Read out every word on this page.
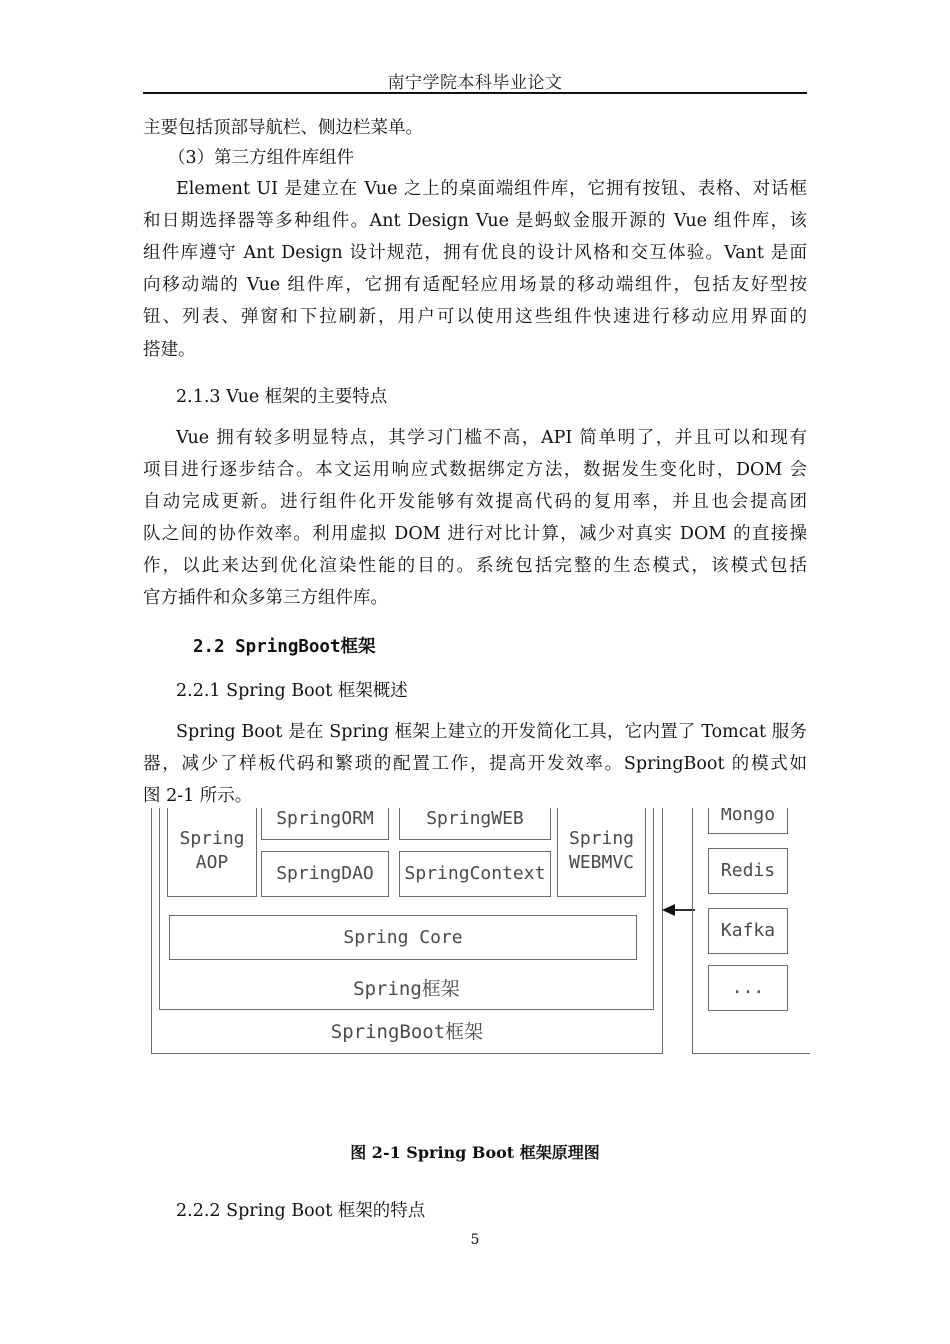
南宁学院本科毕业论文
主要包括顶部导航栏、侧边栏菜单。
（3）第三方组件库组件
Element UI 是建立在 Vue 之上的桌面端组件库，它拥有按钮、表格、对话框
和日期选择器等多种组件。Ant Design Vue 是蚂蚁金服开源的 Vue 组件库，该
组件库遵守 Ant Design 设计规范，拥有优良的设计风格和交互体验。Vant 是面
向移动端的 Vue 组件库，它拥有适配轻应用场景的移动端组件，包括友好型按
钮、列表、弹窗和下拉刷新，用户可以使用这些组件快速进行移动应用界面的
搭建。
2.1.3 Vue 框架的主要特点
Vue 拥有较多明显特点，其学习门槛不高，API 简单明了，并且可以和现有
项目进行逐步结合。本文运用响应式数据绑定方法，数据发生变化时，DOM 会
自动完成更新。进行组件化开发能够有效提高代码的复用率，并且也会提高团
队之间的协作效率。利用虚拟 DOM 进行对比计算，减少对真实 DOM 的直接操
作，以此来达到优化渲染性能的目的。系统包括完整的生态模式，该模式包括
官方插件和众多第三方组件库。
2.2 SpringBoot框架
2.2.1 Spring Boot 框架概述
Spring Boot 是在 Spring 框架上建立的开发简化工具，它内置了 Tomcat 服务
器，减少了样板代码和繁琐的配置工作，提高开发效率。SpringBoot 的模式如
图 2-1 所示。
Spring
AOP
SpringORM	SpringWEB
Spring
WEBMVC
SpringDAO	SpringContext
Spring Core
Spring框架
SpringBoot框架
Mongo
Redis
Kafka
...
图 2-1 Spring Boot 框架原理图
2.2.2 Spring Boot 框架的特点
5
